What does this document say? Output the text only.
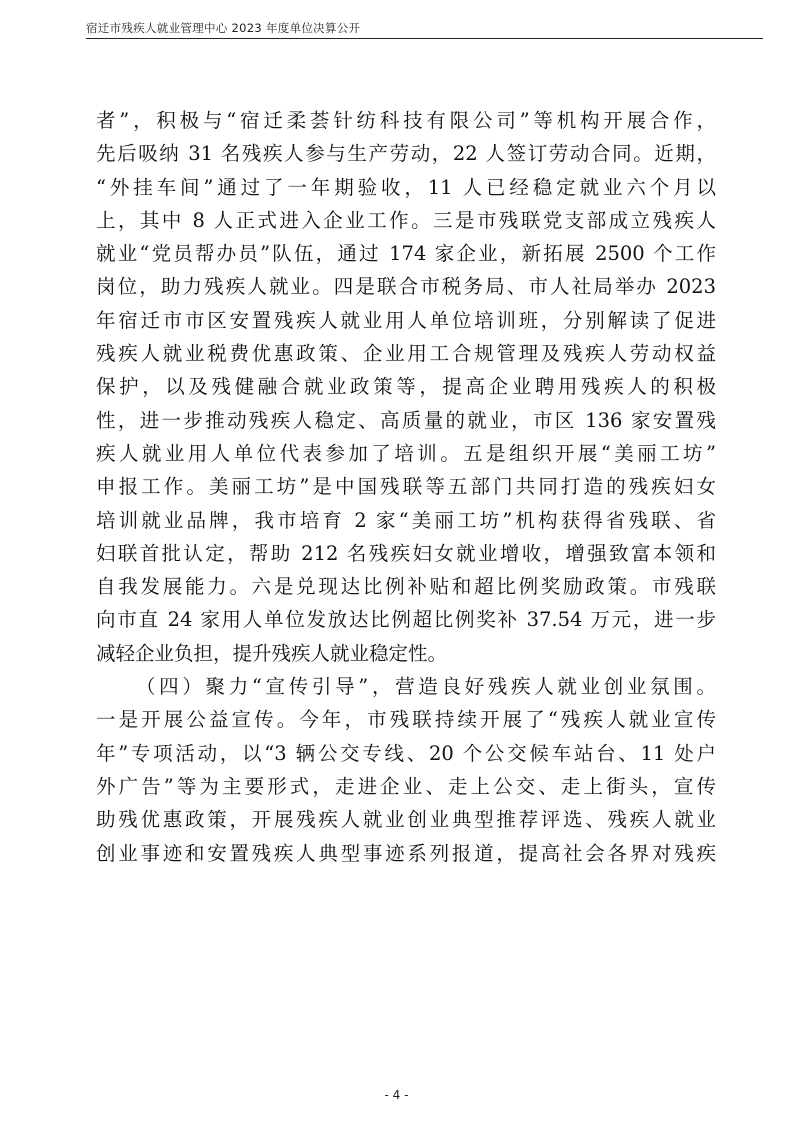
宿迁市残疾人就业管理中心 2023 年度单位决算公开
者”，积极与“宿迁柔荟针纺科技有限公司”等机构开展合作，
先后吸纳 31 名残疾人参与生产劳动，22 人签订劳动合同。近期，
“外挂车间”通过了一年期验收，11 人已经稳定就业六个月以
上，其中 8 人正式进入企业工作。三是市残联党支部成立残疾人
就业“党员帮办员”队伍，通过 174 家企业，新拓展 2500 个工作
岗位，助力残疾人就业。四是联合市税务局、市人社局举办 2023
年宿迁市市区安置残疾人就业用人单位培训班，分别解读了促进
残疾人就业税费优惠政策、企业用工合规管理及残疾人劳动权益
保护，以及残健融合就业政策等，提高企业聘用残疾人的积极
性，进一步推动残疾人稳定、高质量的就业，市区 136 家安置残
疾人就业用人单位代表参加了培训。五是组织开展“美丽工坊”
申报工作。美丽工坊”是中国残联等五部门共同打造的残疾妇女
培训就业品牌，我市培育 2 家“美丽工坊”机构获得省残联、省
妇联首批认定，帮助 212 名残疾妇女就业增收，增强致富本领和
自我发展能力。六是兑现达比例补贴和超比例奖励政策。市残联
向市直 24 家用人单位发放达比例超比例奖补 37.54 万元，进一步
减轻企业负担，提升残疾人就业稳定性。
（四）聚力“宣传引导”，营造良好残疾人就业创业氛围。
一是开展公益宣传。今年，市残联持续开展了“残疾人就业宣传
年”专项活动，以“3 辆公交专线、20 个公交候车站台、11 处户
外广告”等为主要形式，走进企业、走上公交、走上街头，宣传
助残优惠政策，开展残疾人就业创业典型推荐评选、残疾人就业
创业事迹和安置残疾人典型事迹系列报道，提高社会各界对残疾
- 4 -
